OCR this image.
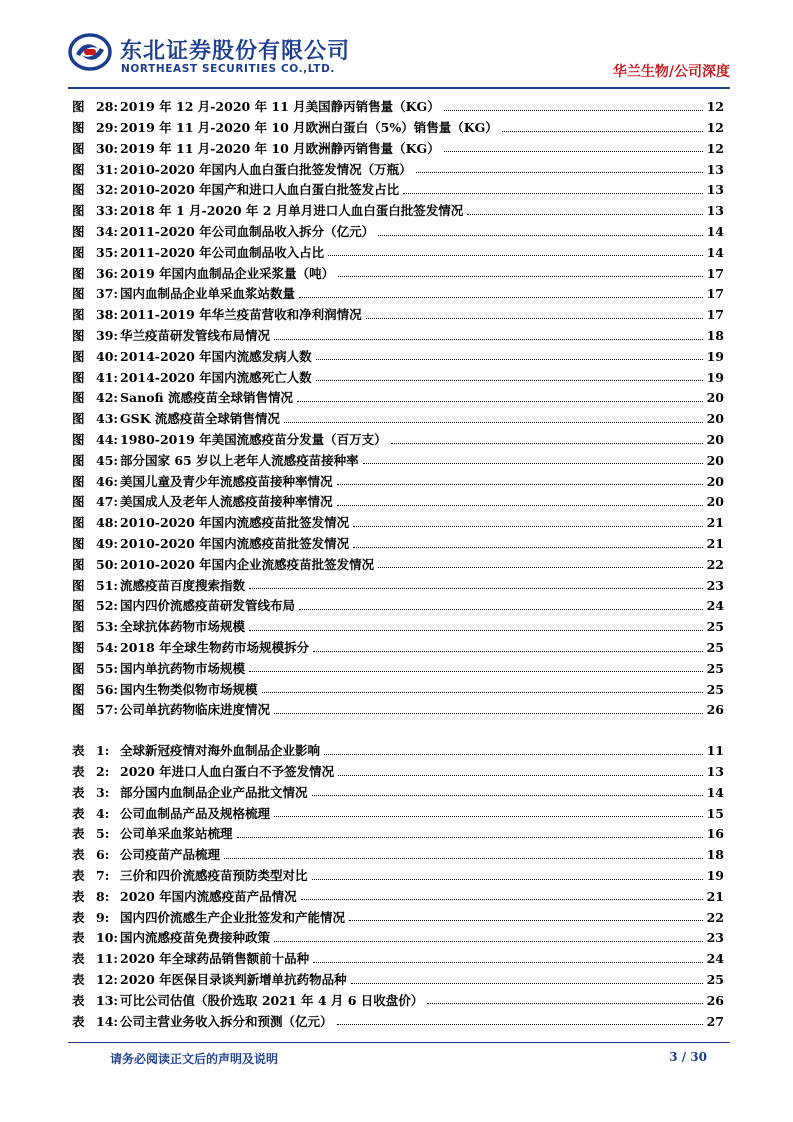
东北证券股份有限公司
NORTHEAST SECURITIES CO.,LTD.	华兰生物/公司深度
图 28: 2019 年 12 月-2020 年 11 月美国静丙销售量（KG）	12
图 29: 2019 年 11 月-2020 年 10 月欧洲白蛋白（5%）销售量（KG）	12
图 30: 2019 年 11 月-2020 年 10 月欧洲静丙销售量（KG）	12
图 31: 2010-2020 年国内人血白蛋白批签发情况（万瓶）	13
图 32: 2010-2020 年国产和进口人血白蛋白批签发占比	13
图 33: 2018 年 1 月-2020 年 2 月单月进口人血白蛋白批签发情况	13
图 34: 2011-2020 年公司血制品收入拆分（亿元）	14
图 35: 2011-2020 年公司血制品收入占比	14
图 36: 2019 年国内血制品企业采浆量（吨）	17
图 37: 国内血制品企业单采血浆站数量	17
图 38: 2011-2019 年华兰疫苗营收和净利润情况	17
图 39: 华兰疫苗研发管线布局情况	18
图 40: 2014-2020 年国内流感发病人数	19
图 41: 2014-2020 年国内流感死亡人数	19
图 42: Sanofi 流感疫苗全球销售情况	20
图 43: GSK 流感疫苗全球销售情况	20
图 44: 1980-2019 年美国流感疫苗分发量（百万支）	20
图 45: 部分国家 65 岁以上老年人流感疫苗接种率	20
图 46: 美国儿童及青少年流感疫苗接种率情况	20
图 47: 美国成人及老年人流感疫苗接种率情况	20
图 48: 2010-2020 年国内流感疫苗批签发情况	21
图 49: 2010-2020 年国内流感疫苗批签发情况	21
图 50: 2010-2020 年国内企业流感疫苗批签发情况	22
图 51: 流感疫苗百度搜索指数	23
图 52: 国内四价流感疫苗研发管线布局	24
图 53: 全球抗体药物市场规模	25
图 54: 2018 年全球生物药市场规模拆分	25
图 55: 国内单抗药物市场规模	25
图 56: 国内生物类似物市场规模	25
图 57: 公司单抗药物临床进度情况	26
表 1: 全球新冠疫情对海外血制品企业影响	11
表 2: 2020 年进口人血白蛋白不予签发情况	13
表 3: 部分国内血制品企业产品批文情况	14
表 4: 公司血制品产品及规格梳理	15
表 5: 公司单采血浆站梳理	16
表 6: 公司疫苗产品梳理	18
表 7: 三价和四价流感疫苗预防类型对比	19
表 8: 2020 年国内流感疫苗产品情况	21
表 9: 国内四价流感生产企业批签发和产能情况	22
表 10: 国内流感疫苗免费接种政策	23
表 11: 2020 年全球药品销售额前十品种	24
表 12: 2020 年医保目录谈判新增单抗药物品种	25
表 13: 可比公司估值（股价选取 2021 年 4 月 6 日收盘价）	26
表 14: 公司主营业务收入拆分和预测（亿元）	27
请务必阅读正文后的声明及说明	3 / 30
